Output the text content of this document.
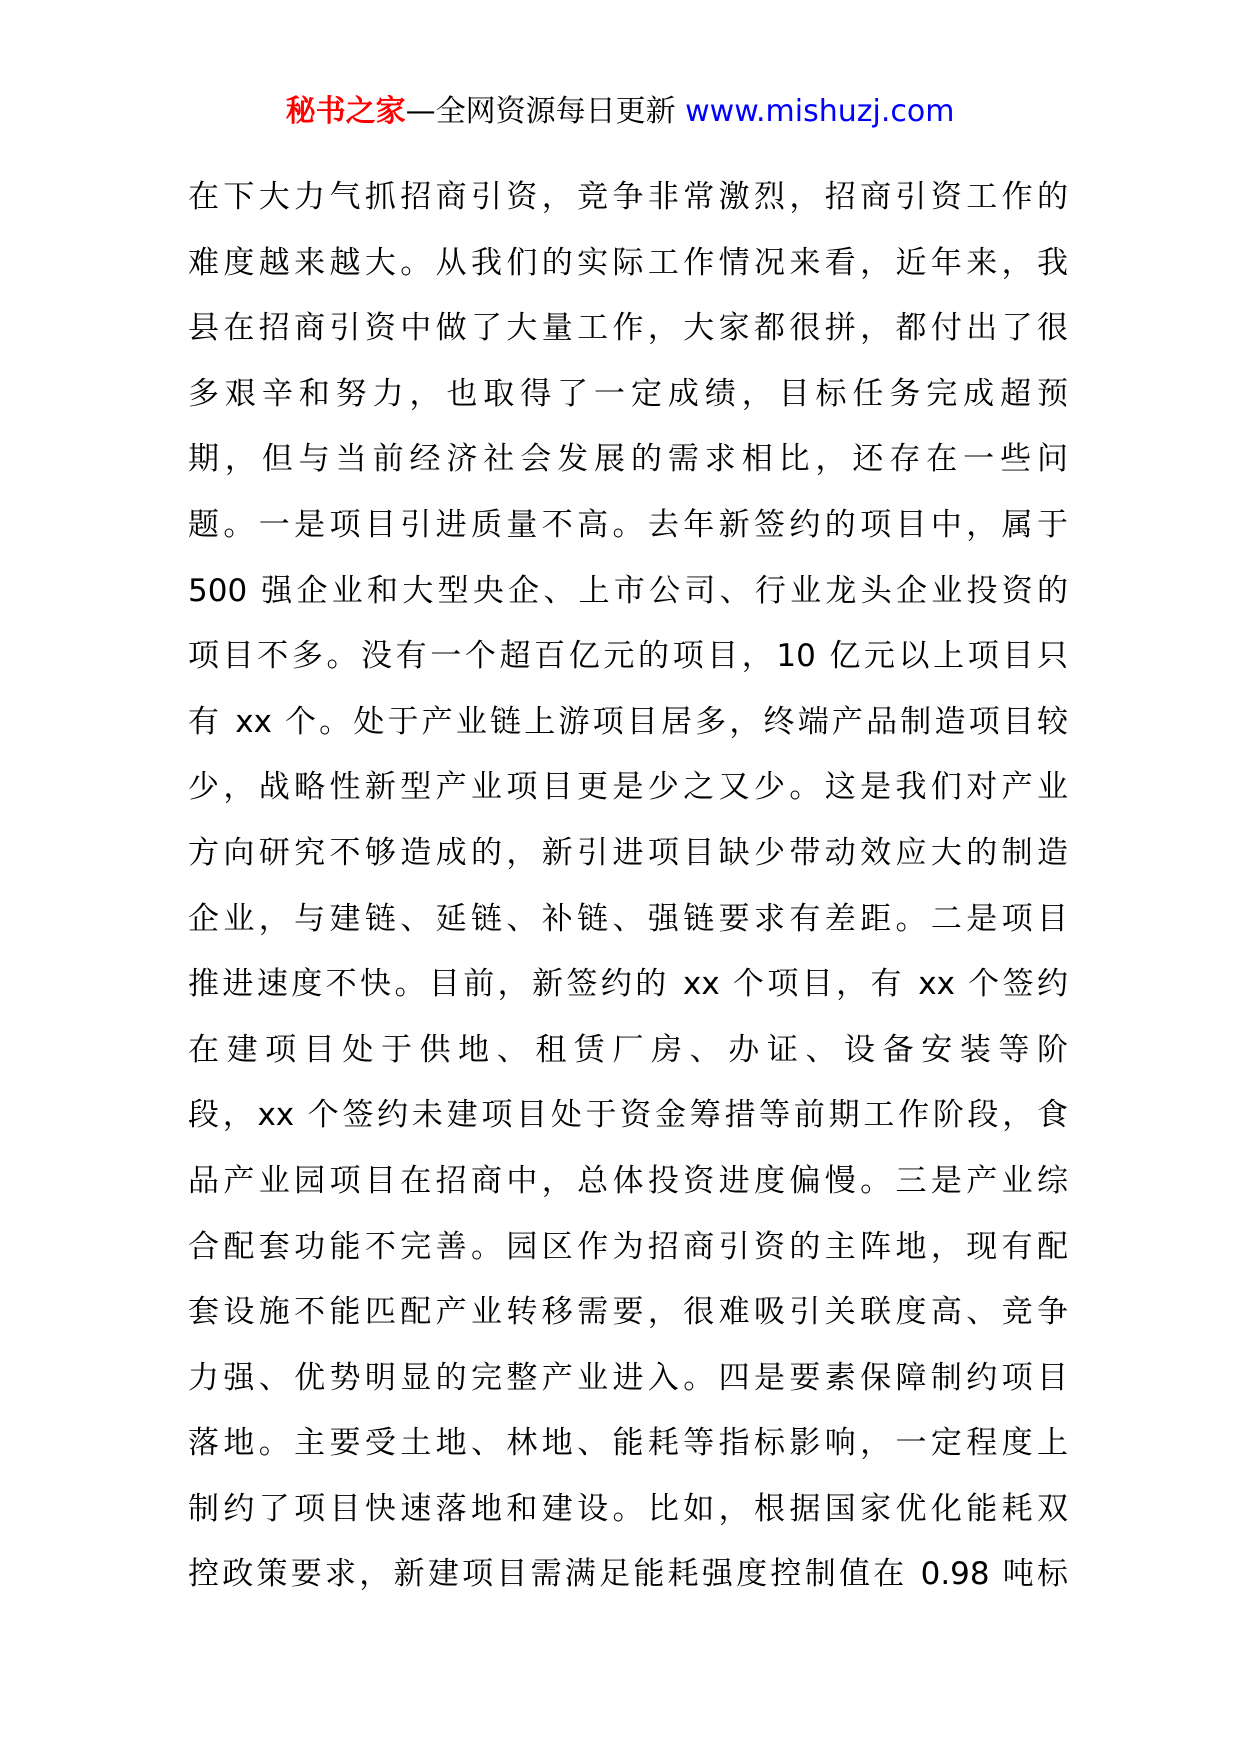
秘书之家—全网资源每日更新 www.mishuzj.com
在下大力气抓招商引资，竞争非常激烈，招商引资工作的
难度越来越大。从我们的实际工作情况来看，近年来，我
县在招商引资中做了大量工作，大家都很拼，都付出了很
多艰辛和努力，也取得了一定成绩，目标任务完成超预
期，但与当前经济社会发展的需求相比，还存在一些问
题。一是项目引进质量不高。去年新签约的项目中，属于
500 强企业和大型央企、上市公司、行业龙头企业投资的
项目不多。没有一个超百亿元的项目，10 亿元以上项目只
有 xx 个。处于产业链上游项目居多，终端产品制造项目较
少，战略性新型产业项目更是少之又少。这是我们对产业
方向研究不够造成的，新引进项目缺少带动效应大的制造
企业，与建链、延链、补链、强链要求有差距。二是项目
推进速度不快。目前，新签约的 xx 个项目，有 xx 个签约
在建项目处于供地、租赁厂房、办证、设备安装等阶
段，xx 个签约未建项目处于资金筹措等前期工作阶段，食
品产业园项目在招商中，总体投资进度偏慢。三是产业综
合配套功能不完善。园区作为招商引资的主阵地，现有配
套设施不能匹配产业转移需要，很难吸引关联度高、竞争
力强、优势明显的完整产业进入。四是要素保障制约项目
落地。主要受土地、林地、能耗等指标影响，一定程度上
制约了项目快速落地和建设。比如，根据国家优化能耗双
控政策要求，新建项目需满足能耗强度控制值在 0.98 吨标
